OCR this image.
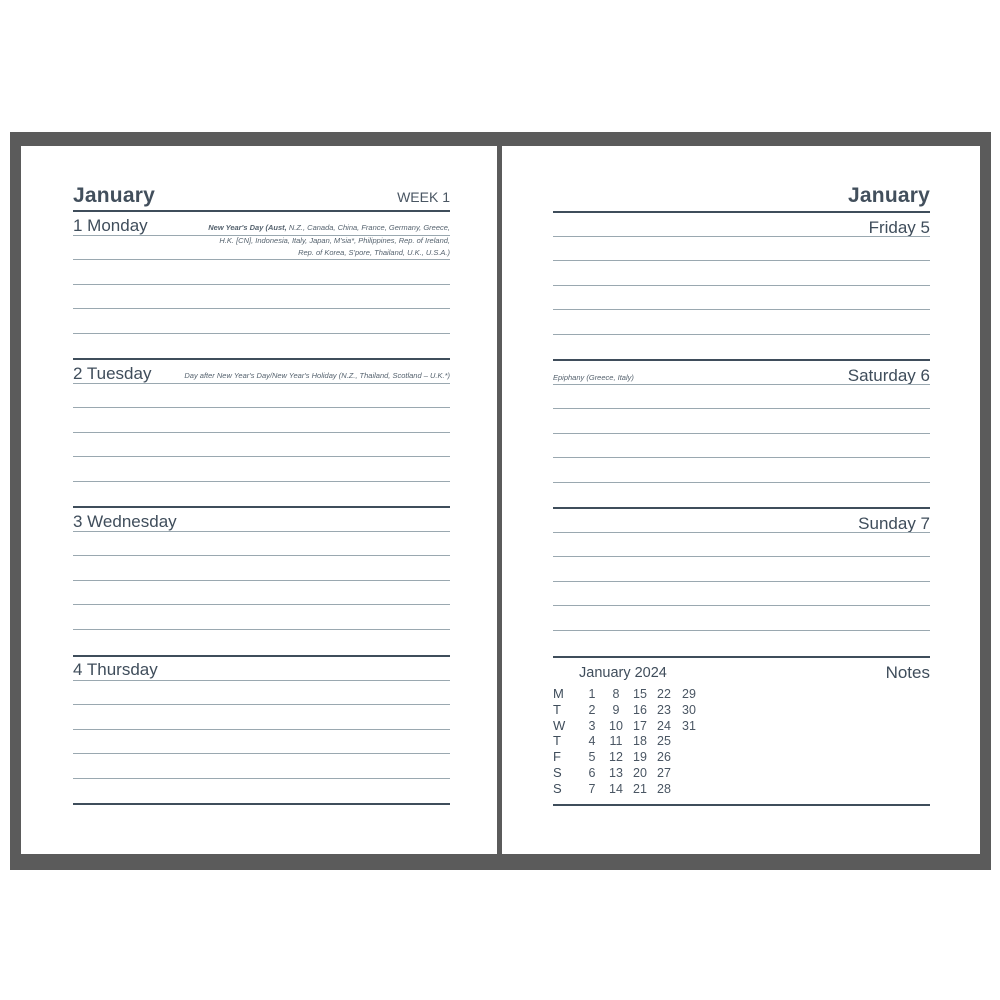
January	WEEK 1
1 Monday
2 Tuesday
3 Wednesday
4 Thursday
New Year's Day (Aust, N.Z., Canada, China, France, Germany, Greece,
H.K. [CN], Indonesia, Italy, Japan, M'sia*, Philippines, Rep. of Ireland,
Rep. of Korea, S'pore, Thailand, U.K., U.S.A.)
Day after New Year's Day/New Year's Holiday (N.Z., Thailand, Scotland – U.K.*)
January
Friday 5
Saturday 6
Sunday 7
Epiphany (Greece, Italy)
January 2024
M
T
W
T
F
S
S
1
2
3
4
5
6
7
8
9
10
11
12
13
14
15
16
17
18
19
20
21
22
23
24
25
26
27
28
29
30
31
Notes
